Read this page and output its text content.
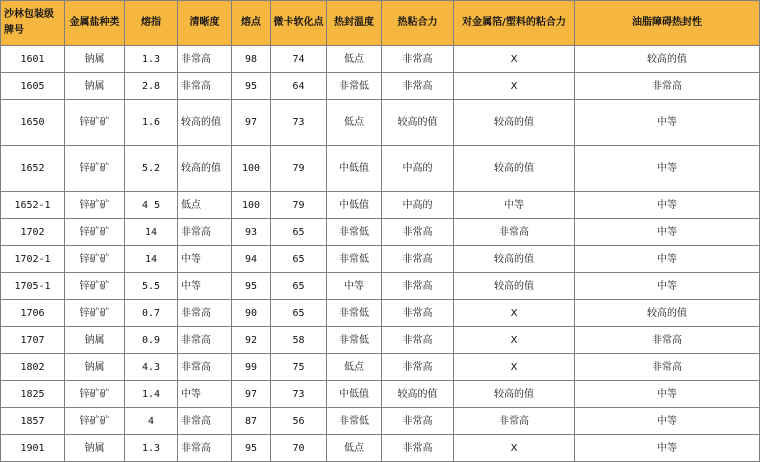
沙林包装级牌号	金属盐种类	熔指	清晰度	熔点	微卡软化点	热封温度	热粘合力	对金属箔/塑料的粘合力	油脂障碍热封性
1601	钠属	1.3	非常高	98	74	低点	非常高	X	较高的值
1605	钠属	2.8	非常高	95	64	非常低	非常高	X	非常高
1650	锌矿矿	1.6	较高的值	97	73	低点	较高的值	较高的值	中等
1652	锌矿矿	5.2	较高的值	100	79	中低值	中高的	较高的值	中等
1652-1	锌矿矿	4 5	低点	100	79	中低值	中高的	中等	中等
1702	锌矿矿	14	非常高	93	65	非常低	非常高	非常高	中等
1702-1	锌矿矿	14	中等	94	65	非常低	非常高	较高的值	中等
1705-1	锌矿矿	5.5	中等	95	65	中等	非常高	较高的值	中等
1706	锌矿矿	0.7	非常高	90	65	非常低	非常高	X	较高的值
1707	钠属	0.9	非常高	92	58	非常低	非常高	X	非常高
1802	钠属	4.3	非常高	99	75	低点	非常高	X	非常高
1825	锌矿矿	1.4	中等	97	73	中低值	较高的值	较高的值	中等
1857	锌矿矿	4	非常高	87	56	非常低	非常高	非常高	中等
1901	钠属	1.3	非常高	95	70	低点	非常高	X	中等
